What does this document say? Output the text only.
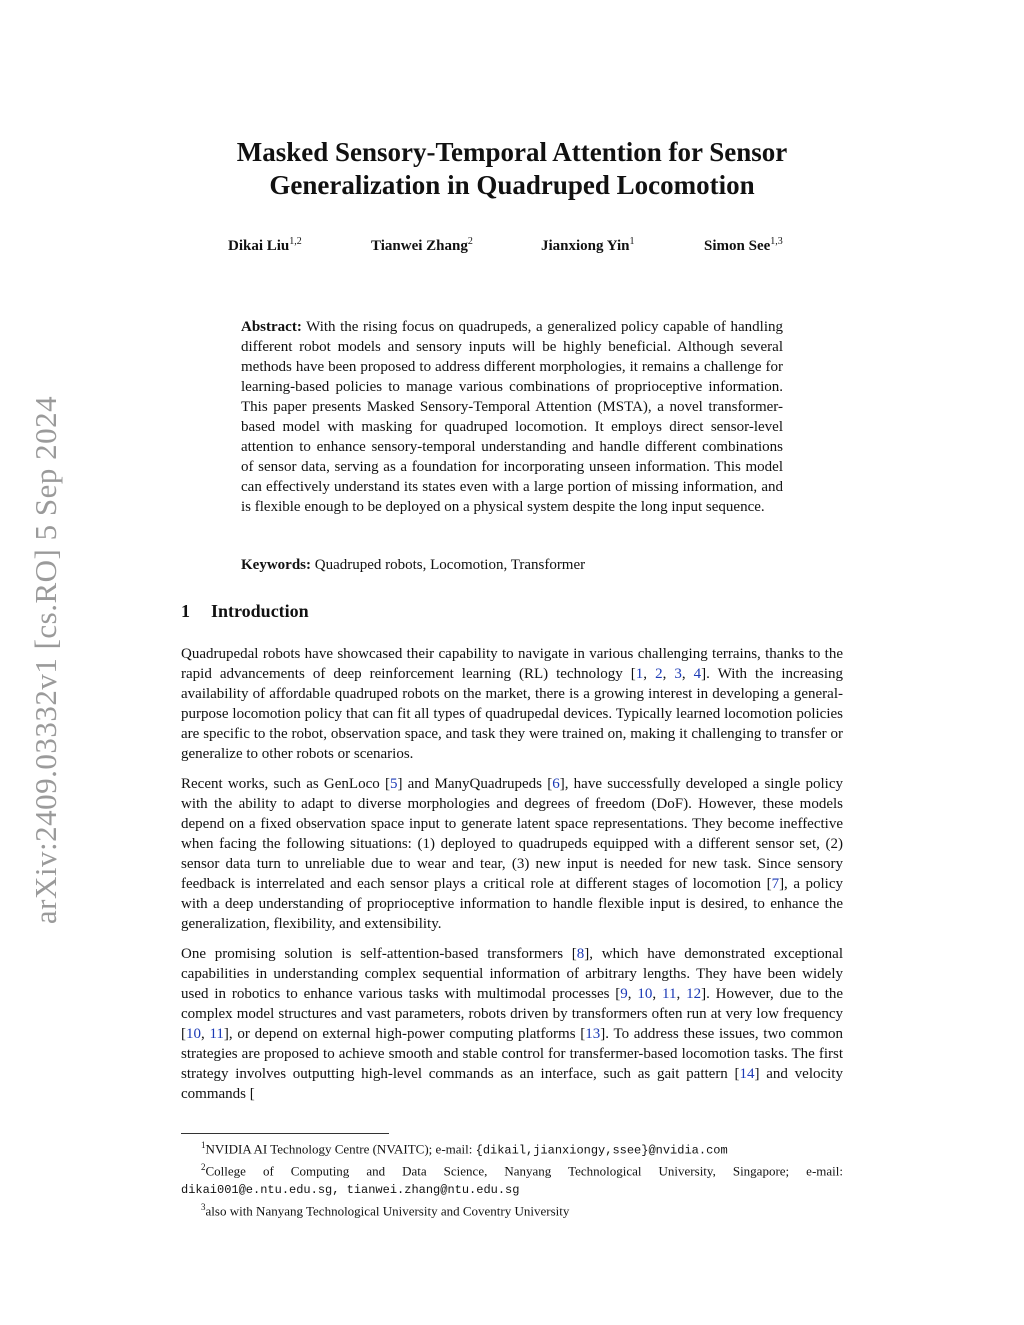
arXiv:2409.03332v1 [cs.RO] 5 Sep 2024
Masked Sensory-Temporal Attention for Sensor
Generalization in Quadruped Locomotion
Dikai Liu$^{1,2}$	Tianwei Zhang$^2$	Jianxiong Yin$^1$	Simon See$^{1,3}$
Abstract: With the rising focus on quadrupeds, a generalized policy capable of handling different robot models and sensory inputs will be highly beneficial. Although several methods have been proposed to address different morphologies, it remains a challenge for learning-based policies to manage various combinations of proprioceptive information. This paper presents Masked Sensory-Temporal Attention (MSTA), a novel transformer-based model with masking for quadruped locomotion. It employs direct sensor-level attention to enhance sensory-temporal understanding and handle different combinations of sensor data, serving as a foundation for incorporating unseen information. This model can effectively understand its states even with a large portion of missing information, and is flexible enough to be deployed on a physical system despite the long input sequence.
Keywords: Quadruped robots, Locomotion, Transformer
1 Introduction

Quadrupedal robots have showcased their capability to navigate in various challenging terrains, thanks to the rapid advancements of deep reinforcement learning (RL) technology [1, 2, 3, 4]. With the increasing availability of affordable quadruped robots on the market, there is a growing interest in developing a general-purpose locomotion policy that can fit all types of quadrupedal devices. Typically learned locomotion policies are specific to the robot, observation space, and task they were trained on, making it challenging to transfer or generalize to other robots or scenarios.

Recent works, such as GenLoco [5] and ManyQuadrupeds [6], have successfully developed a single policy with the ability to adapt to diverse morphologies and degrees of freedom (DoF). However, these models depend on a fixed observation space input to generate latent space representations. They become ineffective when facing the following situations: (1) deployed to quadrupeds equipped with a different sensor set, (2) sensor data turn to unreliable due to wear and tear, (3) new input is needed for new task. Since sensory feedback is interrelated and each sensor plays a critical role at different stages of locomotion [7], a policy with a deep understanding of proprioceptive information to handle flexible input is desired, to enhance the generalization, flexibility, and extensibility.

One promising solution is self-attention-based transformers [8], which have demonstrated exceptional capabilities in understanding complex sequential information of arbitrary lengths. They have been widely used in robotics to enhance various tasks with multimodal processes [9, 10, 11, 12]. However, due to the complex model structures and vast parameters, robots driven by transformers often run at very low frequency [10, 11], or depend on external high-power computing platforms [13]. To address these issues, two common strategies are proposed to achieve smooth and stable control for transfermer-based locomotion tasks. The first strategy involves outputting high-level commands as an interface, such as gait pattern [14] and velocity commands [

$^1$NVIDIA AI Technology Centre (NVAITC); e-mail: {dikail,jianxiongy,ssee}@nvidia.com
$^2$College of Computing and Data Science, Nanyang Technological University, Singapore; e-mail: dikai001@e.ntu.edu.sg, tianwei.zhang@ntu.edu.sg
$^3$also with Nanyang Technological University and Coventry University
